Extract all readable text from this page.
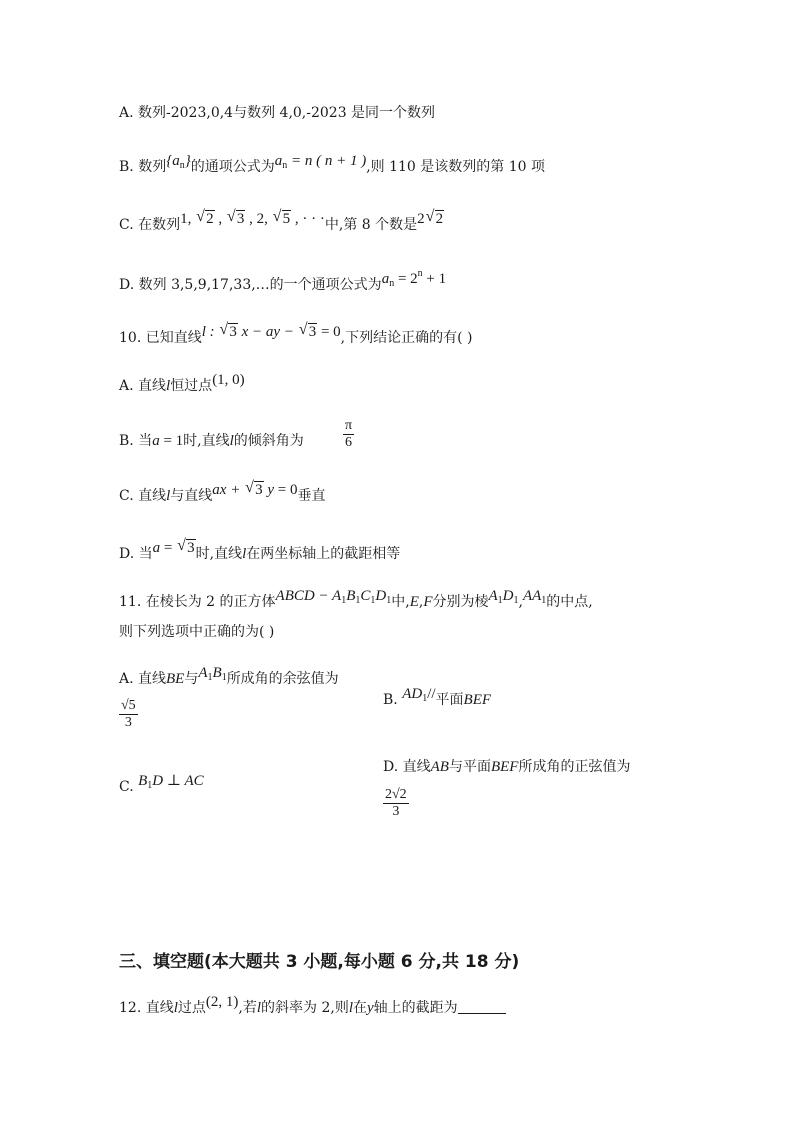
A. 数列-2023,0,4与数列 4,0,-2023 是同一个数列
B. 数列$\{a_n\}$的通项公式为$a_n = n$ ( n + 1 ),则 110 是该数列的第 10 项
C. 在数列1, √ 2 , √ 3 , 2, √ 5 , · · ·中,第 8 个数是2 √ 2
D. 数列 3,5,9,17,33,…的一个通项公式为$a_n = 2^n + 1$
10. 已知直线l : √ 3 x − ay − √ 3 = 0,下列结论正确的有( )
A. 直线l恒过点(1, 0)
B. 当a = 1时,直线l的倾斜角为	$\frac{\pi}{6}$
C. 直线l与直线ax + √ 3 y = 0垂直
D. 当a = √ 3时,直线l在两坐标轴上的截距相等
11. 在棱长为 2 的正方体ABCD − $A_1B_1C_1D_1$中,E,F分别为棱$A_1D_1,AA_1$的中点,
则下列选项中正确的为( )
A. 直线BE与$A_1B_1$所成角的余弦值为
$\frac{√5}{3}$	B. $AD_1//$平面BEF
C. $B_1D$ ⊥ AC
D. 直线AB与平面BEF所成角的正弦值为
$\frac{2√2}{3}$
三、填空题(本大题共 3 小题,每小题 6 分,共 18 分)
12. 直线l过点(2, 1),若l的斜率为 2,则l在y轴上的截距为
